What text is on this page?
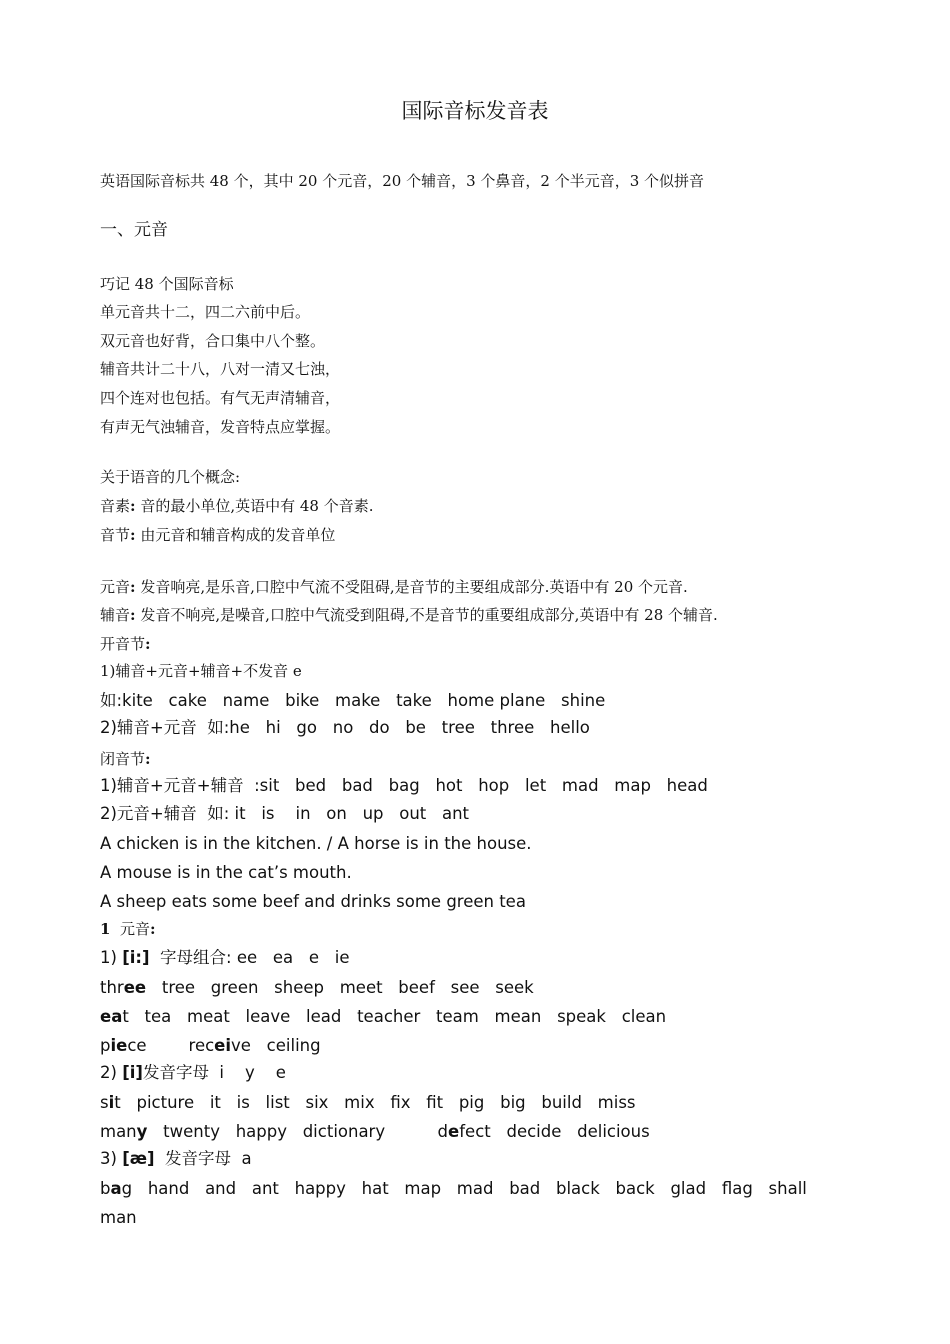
国际音标发音表
英语国际音标共 48 个，其中 20 个元音，20 个辅音，3 个鼻音，2 个半元音，3 个似拼音
一、元音
巧记 48 个国际音标
单元音共十二，四二六前中后。
双元音也好背，合口集中八个整。
辅音共计二十八，八对一清又七浊，
四个连对也包括。有气无声清辅音，
有声无气浊辅音，发音特点应掌握。
关于语音的几个概念:
音素: 音的最小单位,英语中有 48 个音素.
音节: 由元音和辅音构成的发音单位
元音: 发音响亮,是乐音,口腔中气流不受阻碍,是音节的主要组成部分.英语中有 20 个元音.
辅音: 发音不响亮,是噪音,口腔中气流受到阻碍,不是音节的重要组成部分,英语中有 28 个辅音.
开音节:
1)辅音+元音+辅音+不发音 e
如:kite   cake   name   bike   make   take   home plane   shine
2)辅音+元音  如:he   hi   go   no   do   be   tree   three   hello
闭音节:
1)辅音+元音+辅音  :sit   bed   bad   bag   hot   hop   let   mad   map   head
2)元音+辅音  如: it   is    in   on   up   out   ant
A chicken is in the kitchen. / A horse is in the house.
A mouse is in the cat’s mouth.
A sheep eats some beef and drinks some green tea
1  元音:
1) [i:]  字母组合: ee   ea   e   ie
three   tree   green   sheep   meet   beef   see   seek
eat   tea   meat   leave   lead   teacher   team   mean   speak   clean
piece        receive   ceiling
2) [i]发音字母  i    y    e
sit   picture   it   is   list   six   mix   fix   fit   pig   big   build   miss
many   twenty   happy   dictionary          defect   decide   delicious
3) [æ]  发音字母  a
bag   hand   and   ant   happy   hat   map   mad   bad   black   back   glad   flag   shall
man
